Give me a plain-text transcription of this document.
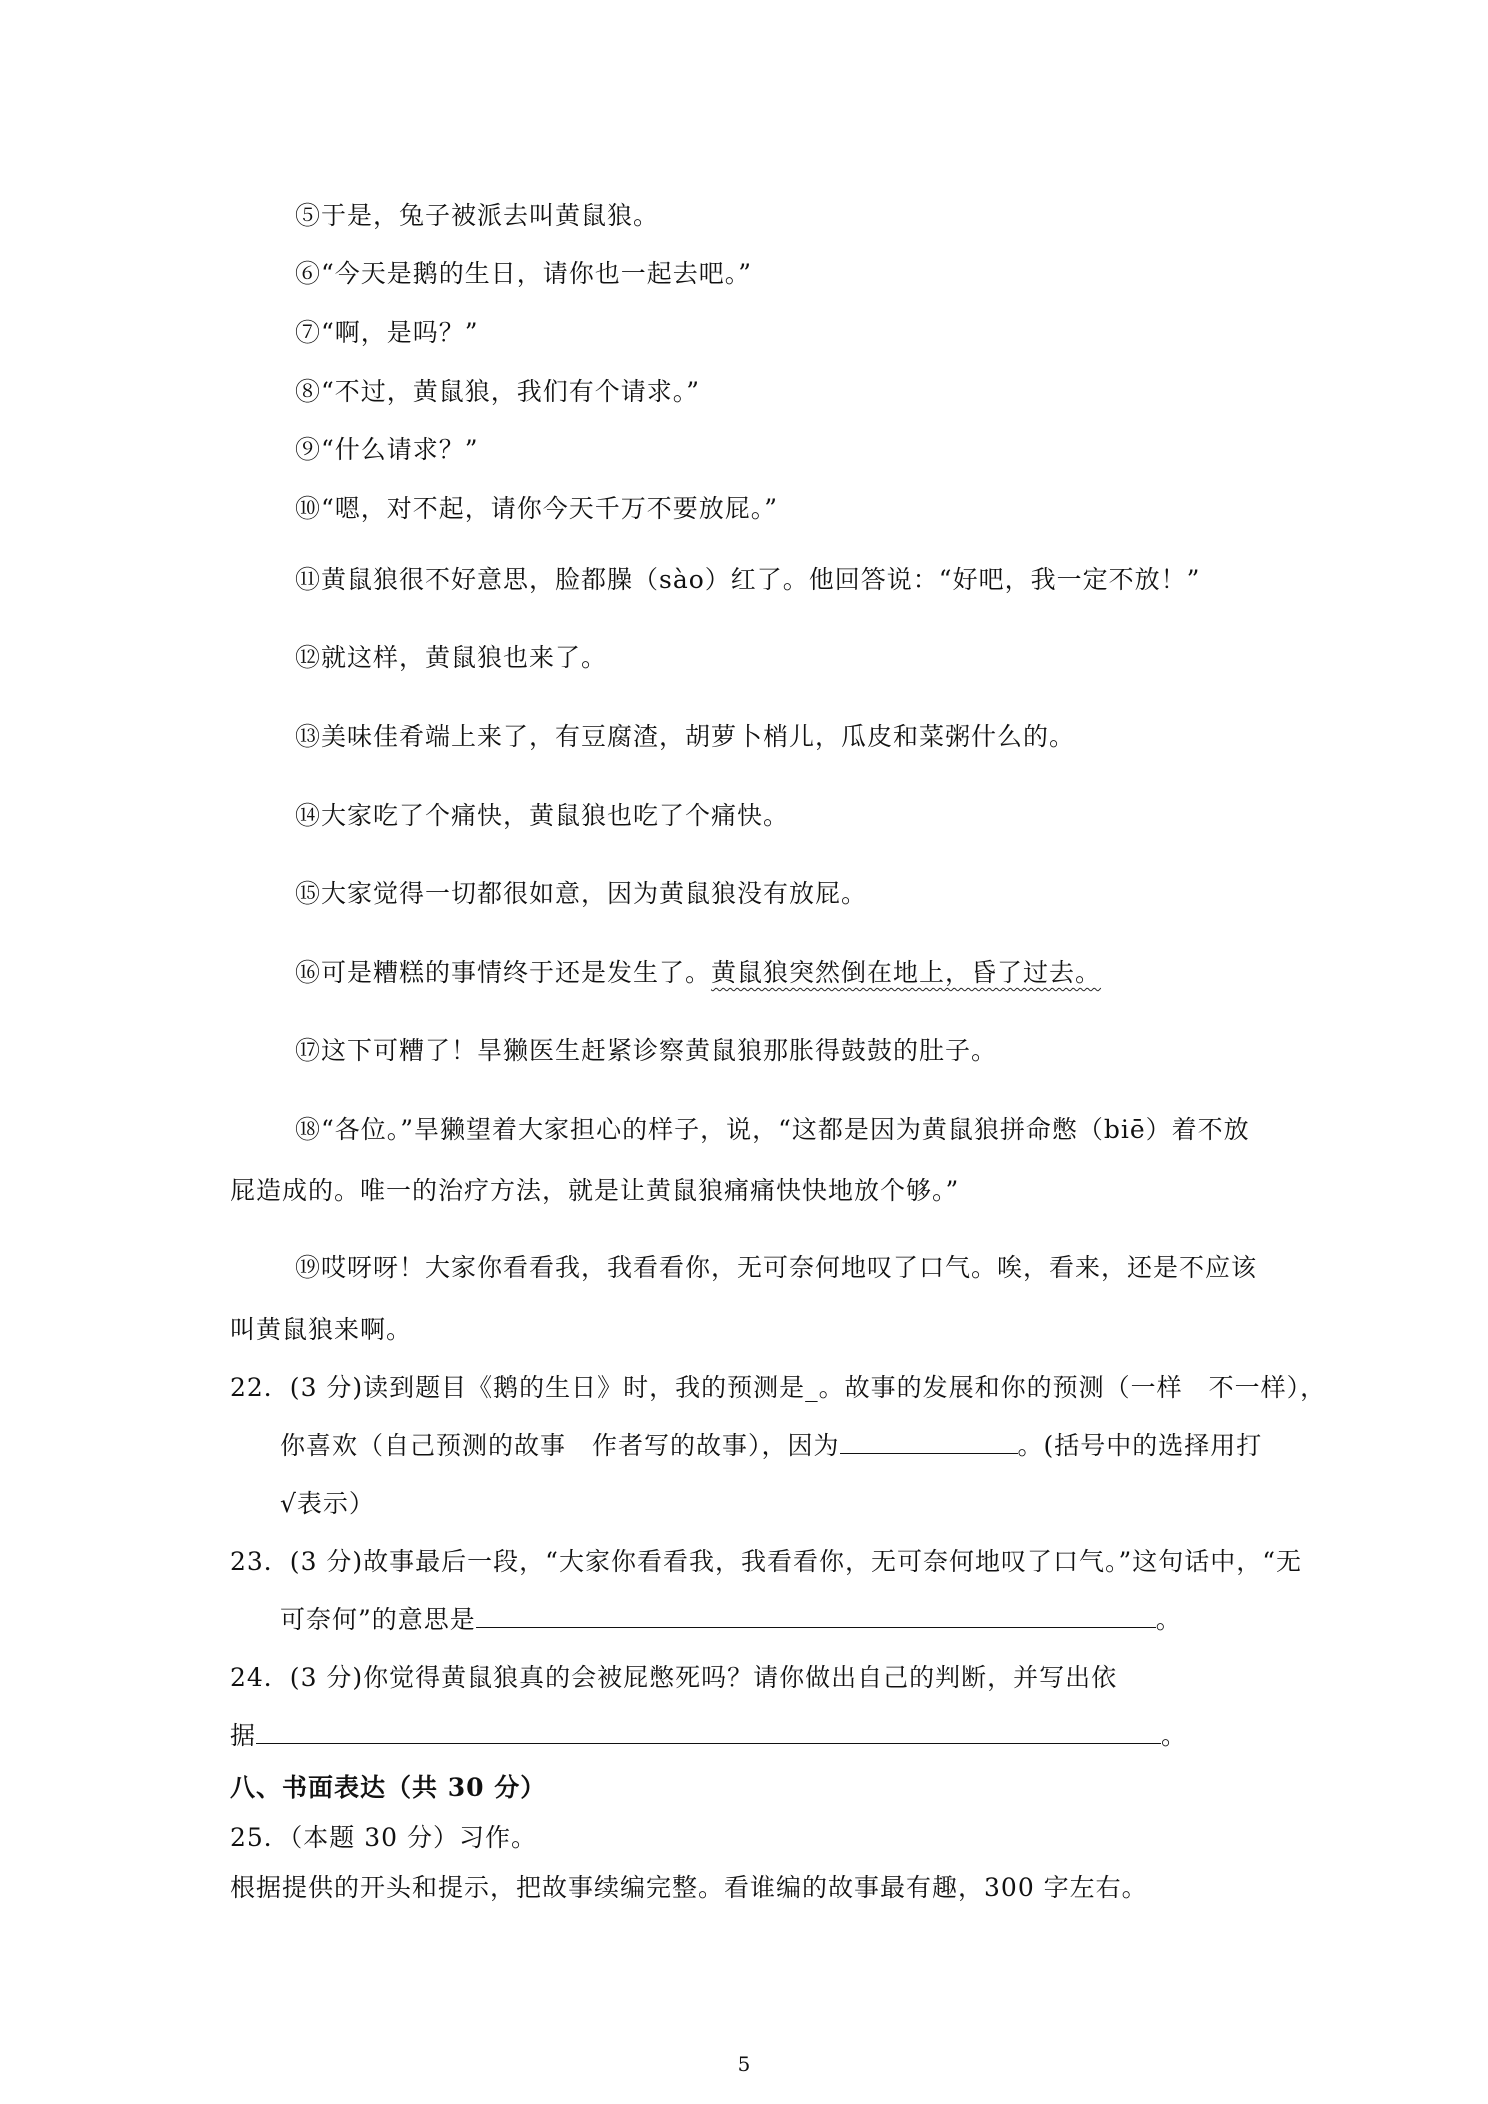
⑤于是，兔子被派去叫黄鼠狼。
⑥“今天是鹅的生日，请你也一起去吧。”
⑦“啊，是吗？”
⑧“不过，黄鼠狼，我们有个请求。”
⑨“什么请求？”
⑩“嗯，对不起，请你今天千万不要放屁。”
⑪黄鼠狼很不好意思，脸都臊（sào）红了。他回答说：“好吧，我一定不放！”
⑫就这样，黄鼠狼也来了。
⑬美味佳肴端上来了，有豆腐渣，胡萝卜梢儿，瓜皮和菜粥什么的。
⑭大家吃了个痛快，黄鼠狼也吃了个痛快。
⑮大家觉得一切都很如意，因为黄鼠狼没有放屁。
⑯可是糟糕的事情终于还是发生了。黄鼠狼突然倒在地上，昏了过去。
⑰这下可糟了！旱獭医生赶紧诊察黄鼠狼那胀得鼓鼓的肚子。
⑱“各位。”旱獭望着大家担心的样子，说，“这都是因为黄鼠狼拼命憋（biē）着不放
屁造成的。唯一的治疗方法，就是让黄鼠狼痛痛快快地放个够。”
⑲哎呀呀！大家你看看我，我看看你，无可奈何地叹了口气。唉，看来，还是不应该
叫黄鼠狼来啊。
22．(3 分)读到题目《鹅的生日》时，我的预测是_。故事的发展和你的预测（一样　不一样），
你喜欢（自己预测的故事　作者写的故事），因为	。(括号中的选择用打
√表示）
23．(3 分)故事最后一段，“大家你看看我，我看看你，无可奈何地叹了口气。”这句话中，“无
可奈何”的意思是	。
24．(3 分)你觉得黄鼠狼真的会被屁憋死吗？请你做出自己的判断，并写出依
据	。
八、书面表达（共 30 分）
25．（本题 30 分）习作。
根据提供的开头和提示，把故事续编完整。看谁编的故事最有趣，300 字左右。
5
